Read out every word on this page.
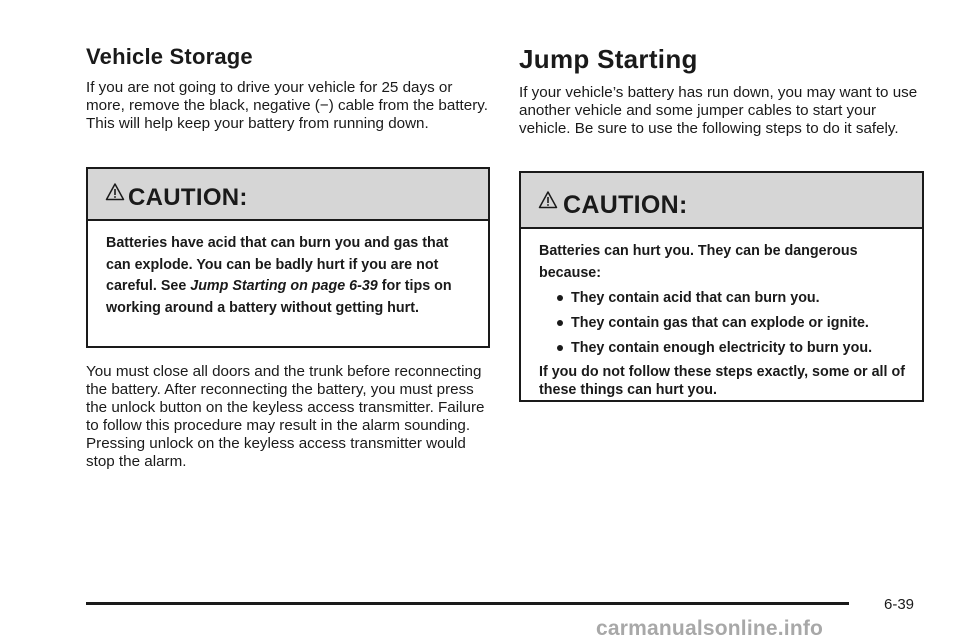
Vehicle Storage

If you are not going to drive your vehicle for 25 days or more, remove the black, negative (−) cable from the battery. This will help keep your battery from running down.

CAUTION:
Batteries have acid that can burn you and gas that can explode. You can be badly hurt if you are not careful. See Jump Starting on page 6-39 for tips on working around a battery without getting hurt.

You must close all doors and the trunk before reconnecting the battery. After reconnecting the battery, you must press the unlock button on the keyless access transmitter. Failure to follow this procedure may result in the alarm sounding. Pressing unlock on the keyless access transmitter would stop the alarm.

Jump Starting

If your vehicle’s battery has run down, you may want to use another vehicle and some jumper cables to start your vehicle. Be sure to use the following steps to do it safely.

CAUTION:
Batteries can hurt you. They can be dangerous because:
They contain acid that can burn you.
They contain gas that can explode or ignite.
They contain enough electricity to burn you.
If you do not follow these steps exactly, some or all of these things can hurt you.
6-39
carmanualsonline.info
